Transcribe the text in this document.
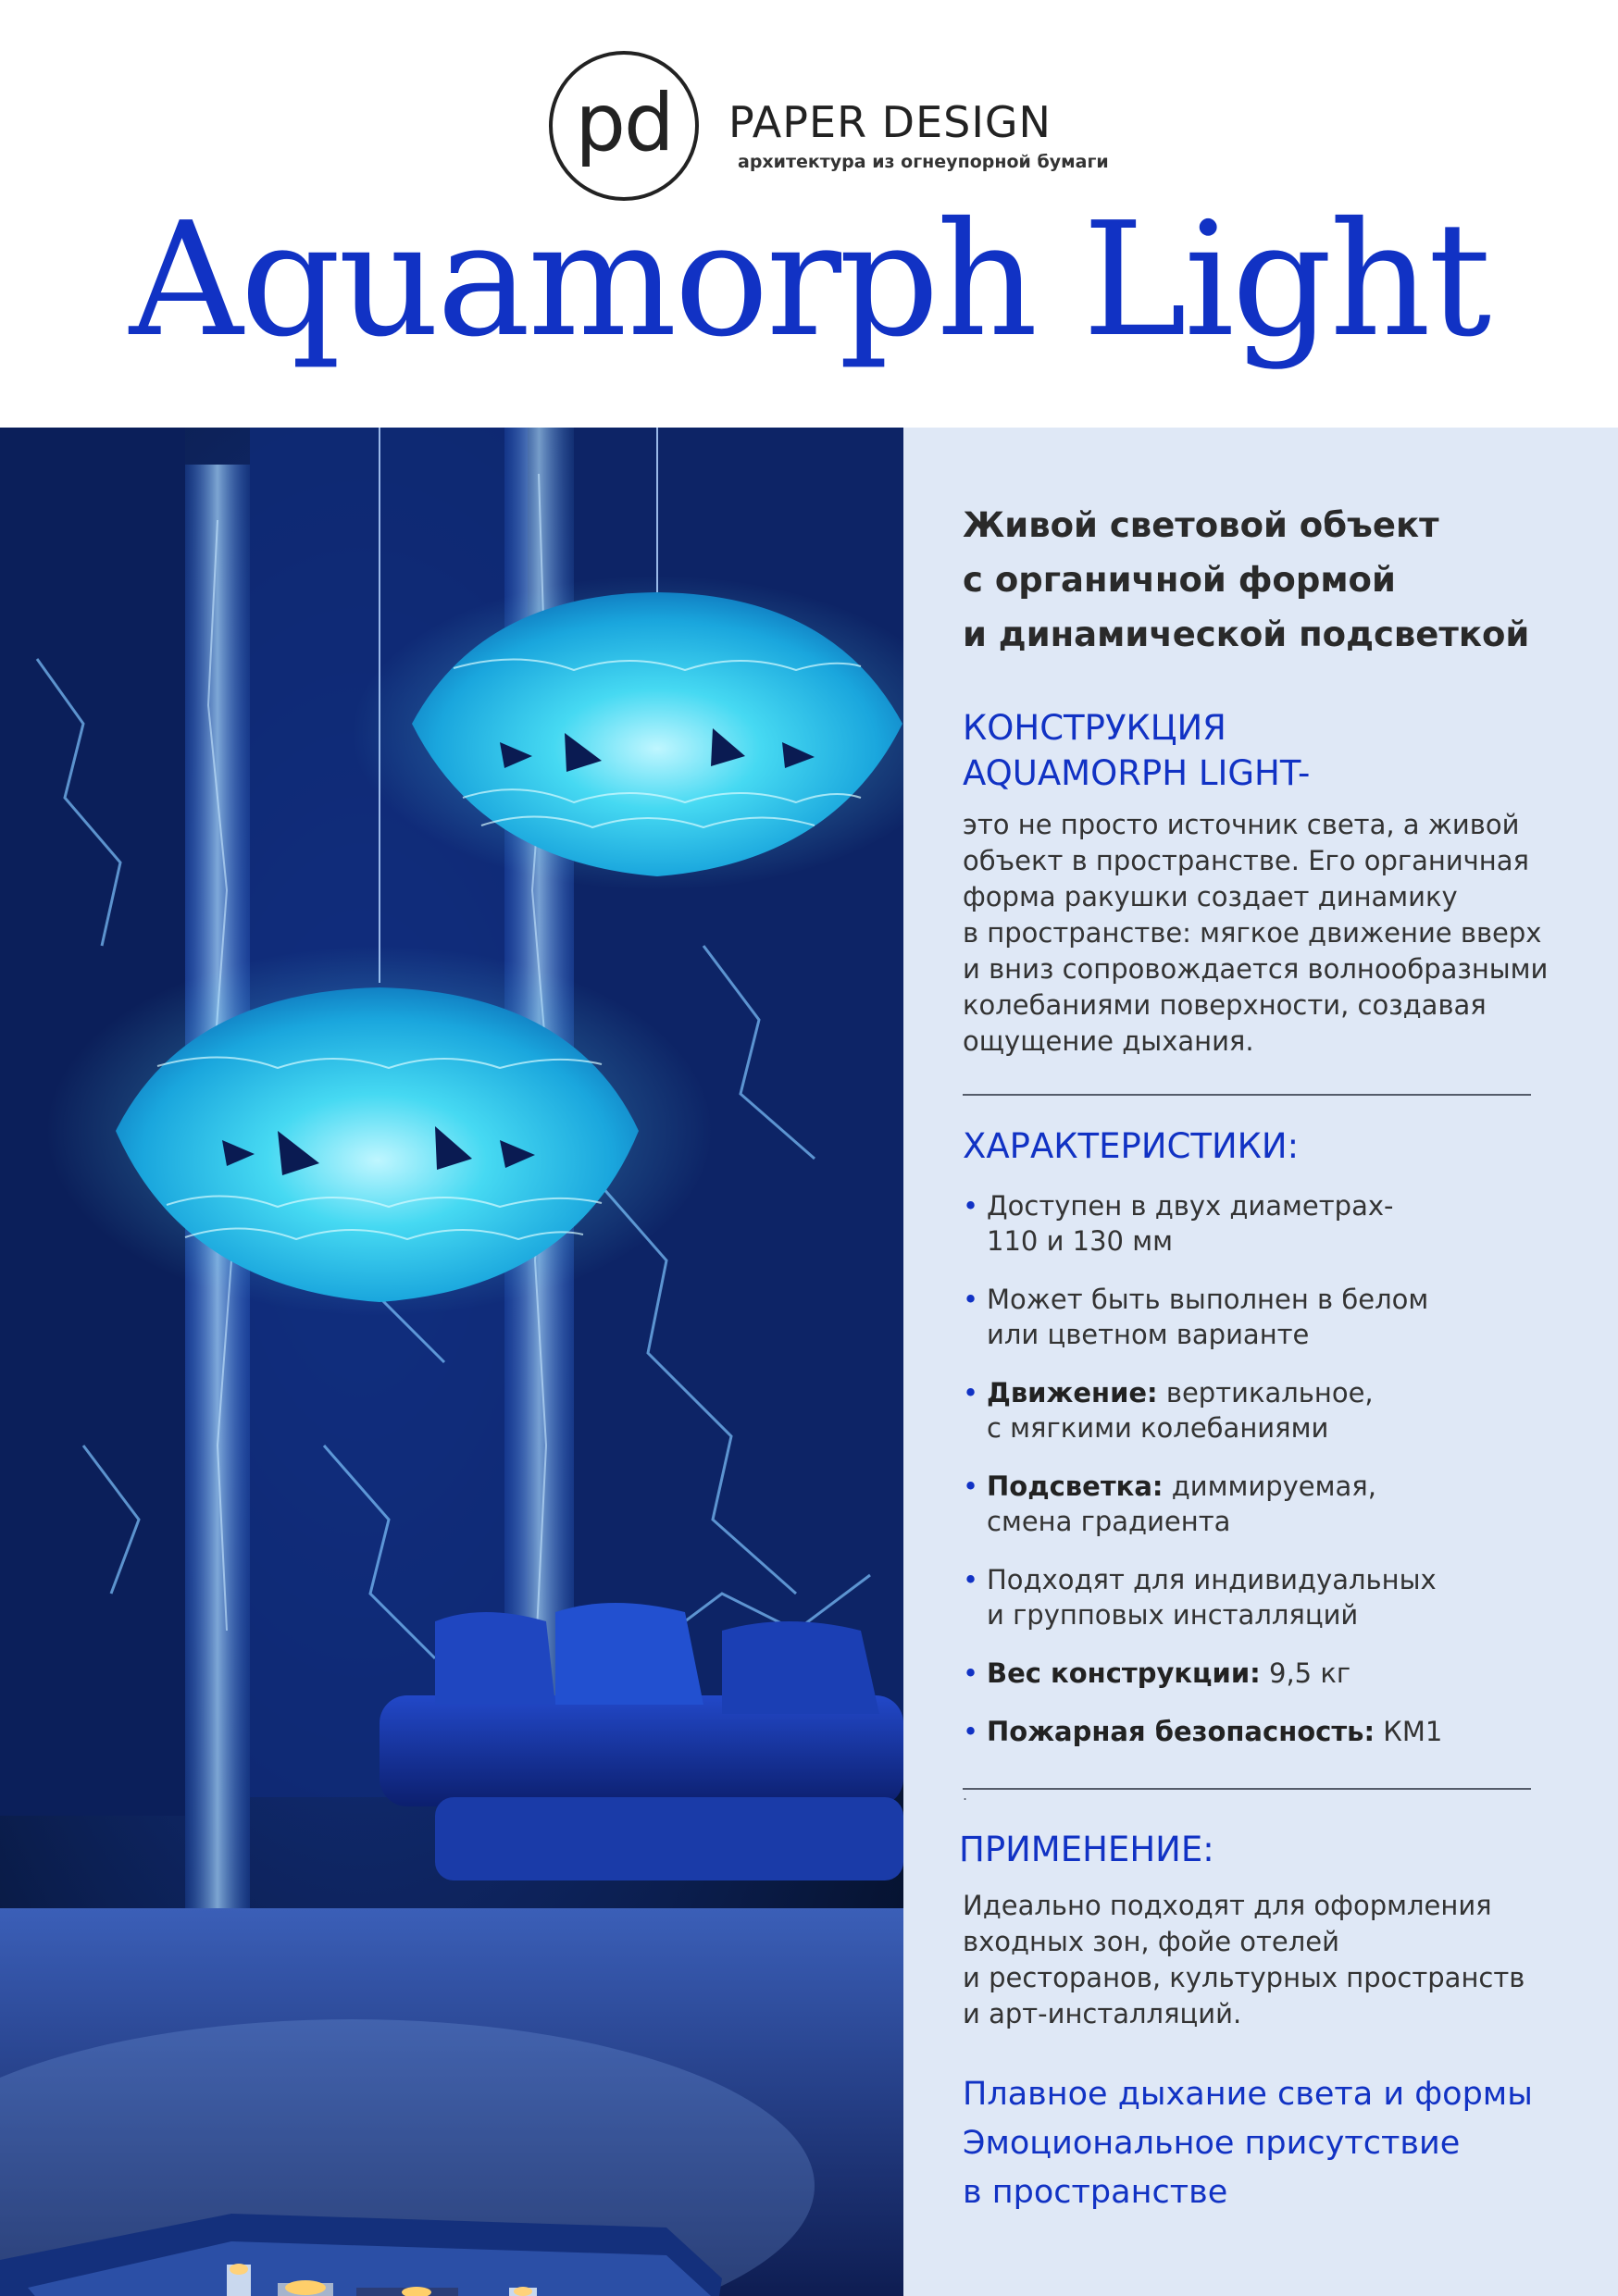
pd	PAPER DESIGN
архитектура из огнеупорной бумаги
Aquamorph Light
Живой световой объект
с органичной формой
и динамической подсветкой
КОНСТРУКЦИЯ
AQUAMORPH LIGHT-
это не просто источник света, а живой
объект в пространстве. Его органичная
форма ракушки создает динамику
в пространстве: мягкое движение вверх
и вниз сопровождается волнообразными
колебаниями поверхности, создавая
ощущение дыхания.
ХАРАКТЕРИСТИКИ:
• Доступен в двух диаметрах-
110 и 130 мм
• Может быть выполнен в белом
или цветном варианте
• Движение: вертикальное,
с мягкими колебаниями
• Подсветка: диммируемая,
смена градиента
• Подходят для индивидуальных
и групповых инсталляций
• Вес конструкции: 9,5 кг
• Пожарная безопасность: КМ1
.
ПРИМЕНЕНИЕ:
Идеально подходят для оформления
входных зон, фойе отелей
и ресторанов, культурных пространств
и арт-инсталляций.
Плавное дыхание света и формы
Эмоциональное присутствие
в пространстве
